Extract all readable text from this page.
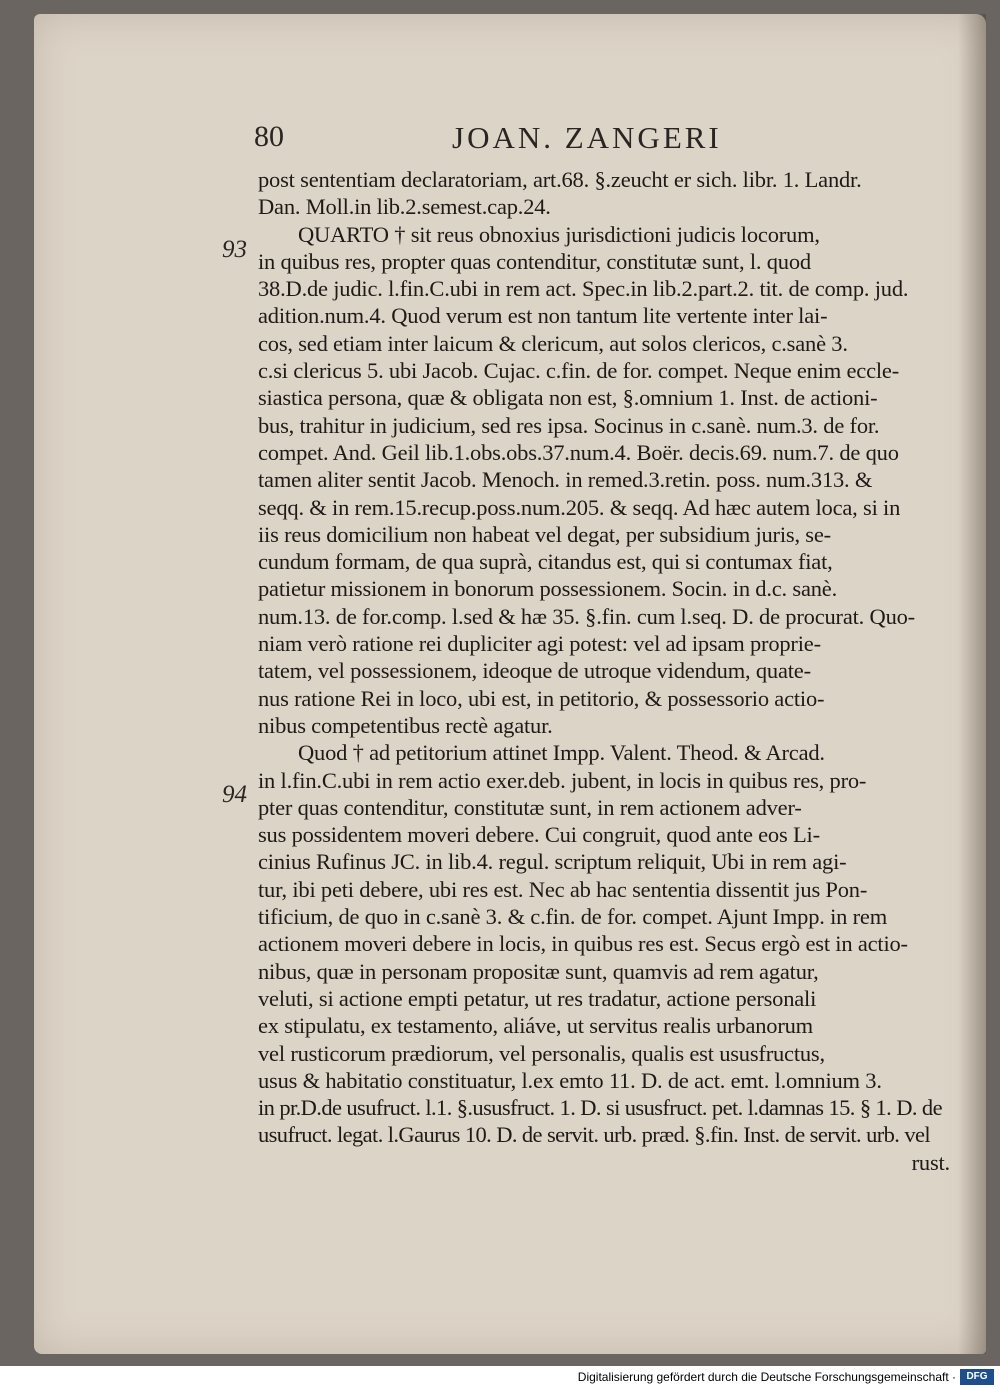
80	JOAN. ZANGERI
93
94
post sententiam declaratoriam, art.68. §.zeucht er sich. libr. 1. Landr.
Dan. Moll.in lib.2.semest.cap.24.
QUARTO † sit reus obnoxius jurisdictioni judicis locorum,
in quibus res, propter quas contenditur, constitutæ sunt, l. quod
38.D.de judic. l.fin.C.ubi in rem act. Spec.in lib.2.part.2. tit. de comp. jud.
adition.num.4. Quod verum est non tantum lite vertente inter lai-
cos, sed etiam inter laicum & clericum, aut solos clericos, c.sanè 3.
c.si clericus 5. ubi Jacob. Cujac. c.fin. de for. compet. Neque enim eccle-
siastica persona, quæ & obligata non est, §.omnium 1. Inst. de actioni-
bus, trahitur in judicium, sed res ipsa. Socinus in c.sanè. num.3. de for.
compet. And. Geil lib.1.obs.obs.37.num.4. Boër. decis.69. num.7. de quo
tamen aliter sentit Jacob. Menoch. in remed.3.retin. poss. num.313. &
seqq. & in rem.15.recup.poss.num.205. & seqq. Ad hæc autem loca, si in
iis reus domicilium non habeat vel degat, per subsidium juris, se-
cundum formam, de qua suprà, citandus est, qui si contumax fiat,
patietur missionem in bonorum possessionem. Socin. in d.c. sanè.
num.13. de for.comp. l.sed & hæ 35. §.fin. cum l.seq. D. de procurat. Quo-
niam verò ratione rei dupliciter agi potest: vel ad ipsam proprie-
tatem, vel possessionem, ideoque de utroque videndum, quate-
nus ratione Rei in loco, ubi est, in petitorio, & possessorio actio-
nibus competentibus rectè agatur.
Quod † ad petitorium attinet Impp. Valent. Theod. & Arcad.
in l.fin.C.ubi in rem actio exer.deb. jubent, in locis in quibus res, pro-
pter quas contenditur, constitutæ sunt, in rem actionem adver-
sus possidentem moveri debere. Cui congruit, quod ante eos Li-
cinius Rufinus JC. in lib.4. regul. scriptum reliquit, Ubi in rem agi-
tur, ibi peti debere, ubi res est. Nec ab hac sententia dissentit jus Pon-
tificium, de quo in c.sanè 3. & c.fin. de for. compet. Ajunt Impp. in rem
actionem moveri debere in locis, in quibus res est. Secus ergò est in actio-
nibus, quæ in personam propositæ sunt, quamvis ad rem agatur,
veluti, si actione empti petatur, ut res tradatur, actione personali
ex stipulatu, ex testamento, aliáve, ut servitus realis urbanorum
vel rusticorum prædiorum, vel personalis, qualis est ususfructus,
usus & habitatio constituatur, l.ex emto 11. D. de act. emt. l.omnium 3.
in pr.D.de usufruct. l.1. §.ususfruct. 1. D. si ususfruct. pet. l.damnas 15. § 1. D. de
usufruct. legat. l.Gaurus 10. D. de servit. urb. præd. §.fin. Inst. de servit. urb. vel
rust.
Digitalisierung gefördert durch die Deutsche Forschungsgemeinschaft ·	DFG
